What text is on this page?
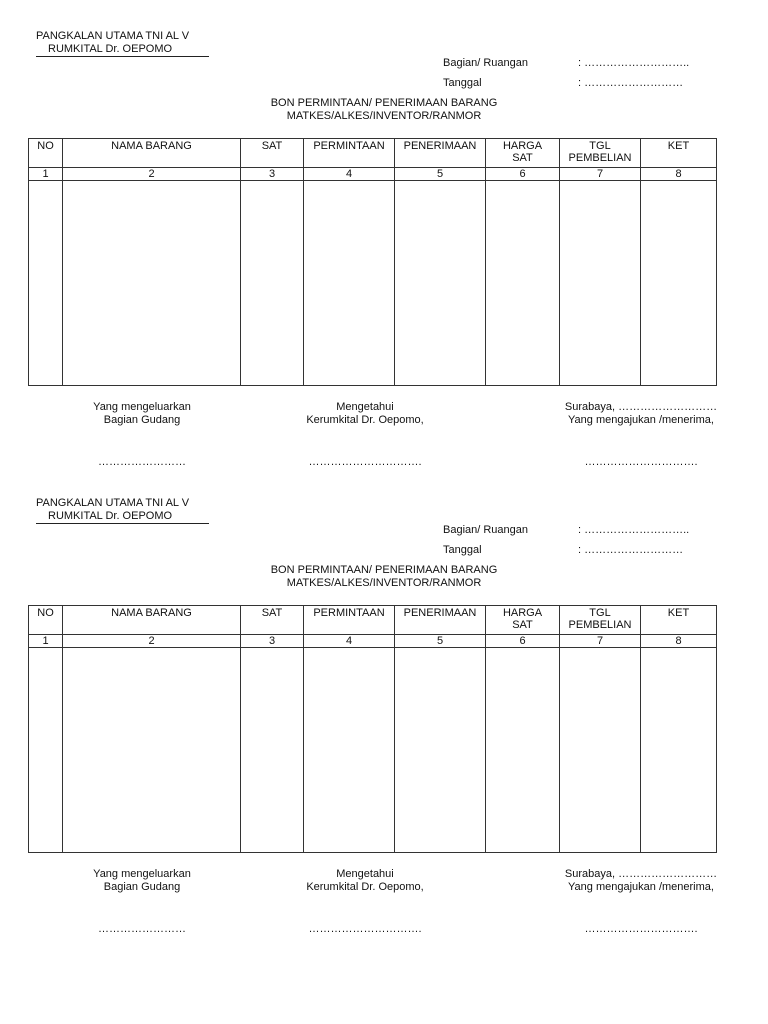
PANGKALAN UTAMA TNI AL V
RUMKITAL Dr. OEPOMO
Bagian/ Ruangan	: ………………………..
Tanggal	: ………………………
BON PERMINTAAN/ PENERIMAAN BARANG
MATKES/ALKES/INVENTOR/RANMOR
NO	NAMA BARANG	SAT	PERMINTAAN	PENERIMAAN	HARGA SAT	TGL PEMBELIAN	KET
1	2	3	4	5	6	7	8

Yang mengeluarkan
Bagian Gudang
……………………
Mengetahui
Kerumkital Dr. Oepomo,
………………………….
Surabaya, ………………………
Yang mengajukan /menerima,
………………………….
PANGKALAN UTAMA TNI AL V
RUMKITAL Dr. OEPOMO
Bagian/ Ruangan	: ………………………..
Tanggal	: ………………………
BON PERMINTAAN/ PENERIMAAN BARANG
MATKES/ALKES/INVENTOR/RANMOR
NO	NAMA BARANG	SAT	PERMINTAAN	PENERIMAAN	HARGA SAT	TGL PEMBELIAN	KET
1	2	3	4	5	6	7	8

Yang mengeluarkan
Bagian Gudang
……………………
Mengetahui
Kerumkital Dr. Oepomo,
………………………….
Surabaya, ………………………
Yang mengajukan /menerima,
………………………….
